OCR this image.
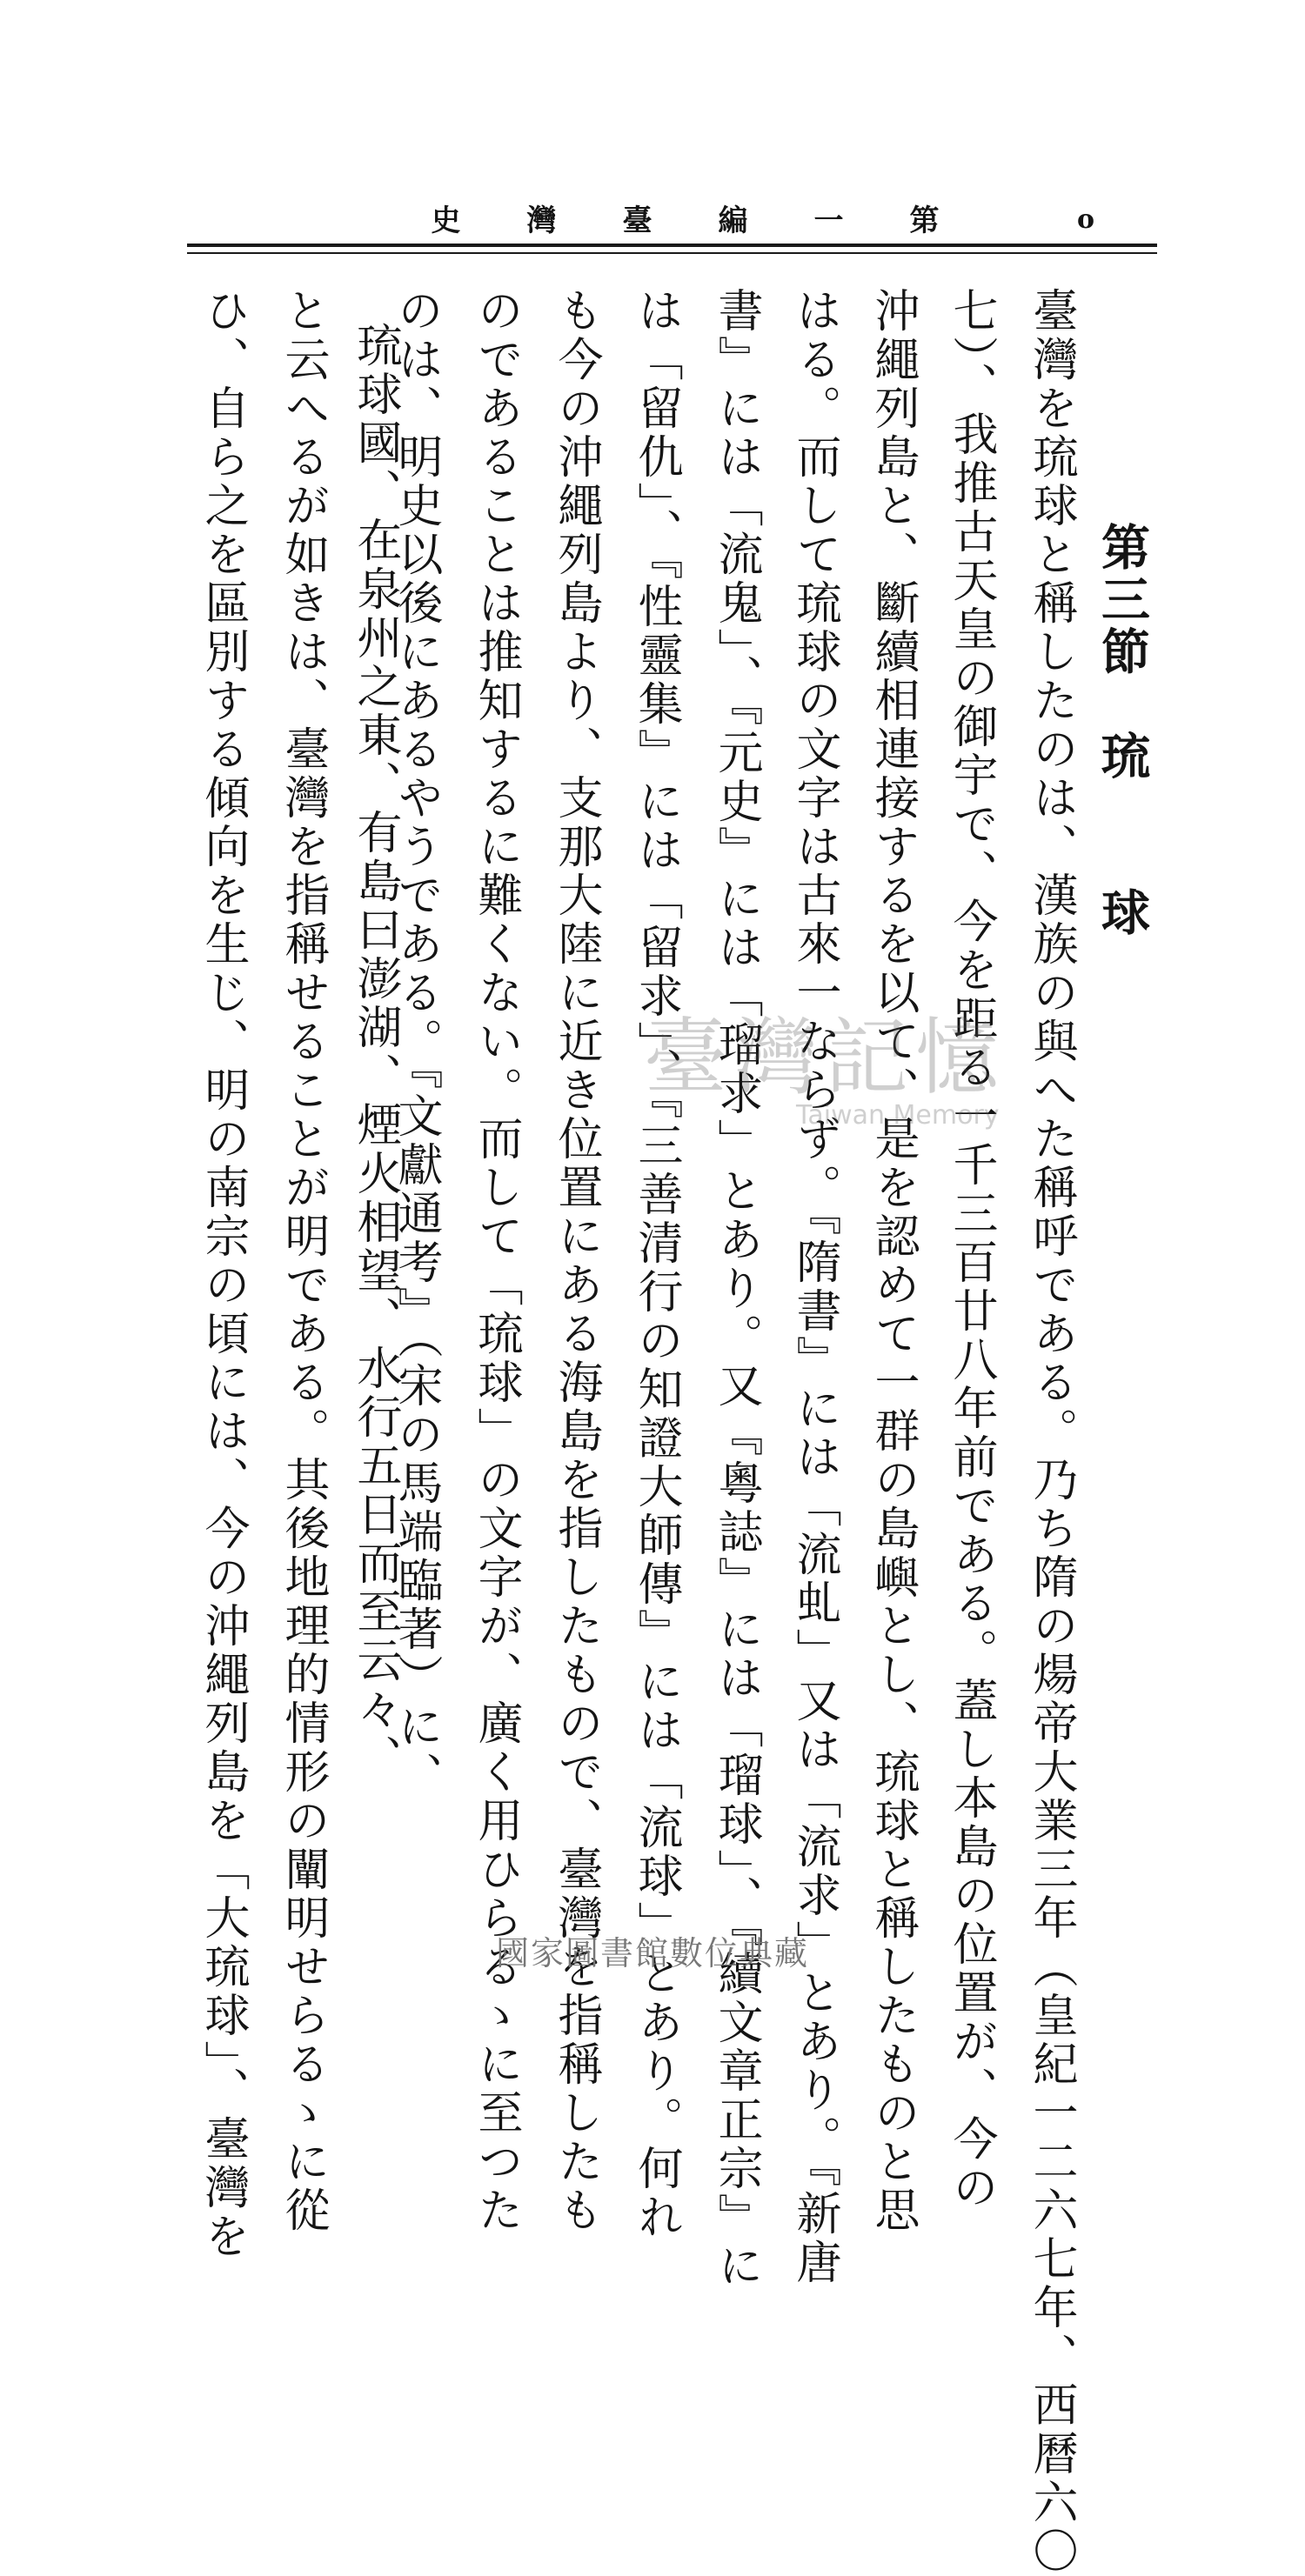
o
第
一
編
臺
灣
史
第三節　琉　　球
臺灣を琉球と稱したのは、漢族の與へた稱呼である。乃ち隋の煬帝大業三年（皇紀一二六七年、西曆六〇
七）、我推古天皇の御宇で、今を距る一千三百廿八年前である。蓋し本島の位置が、今の
沖繩列島と、斷續相連接するを以て、是を認めて一群の島嶼とし、琉球と稱したものと思
はる。而して琉球の文字は古來一ならず。『隋書』には「流虬」又は「流求」とあり。『新唐
書』には「流鬼」、『元史』には「瑠求」とあり。又『粵誌』には「瑠球」、『續文章正宗』に
は「留仇」、『性靈集』には「留求」、『三善清行の知證大師傳』には「流球」とあり。何れ
も今の沖繩列島より、支那大陸に近き位置にある海島を指したもので、臺灣を指稱したも
のであることは推知するに難くない。而して「琉球」の文字が、廣く用ひらるゝに至つた
のは、明史以後にあるやうである。『文獻通考』（宋の馬端臨著）に、
琉球國、在泉州之東、有島曰澎湖、煙火相望、水行五日而至云々、
と云へるが如きは、臺灣を指稱せることが明である。其後地理的情形の闡明せらるゝに從
ひ、自ら之を區別する傾向を生じ、明の南宗の頃には、今の沖繩列島を「大琉球」、臺灣を	臺灣記憶
Taiwan Memory
國家圖書館數位典藏
